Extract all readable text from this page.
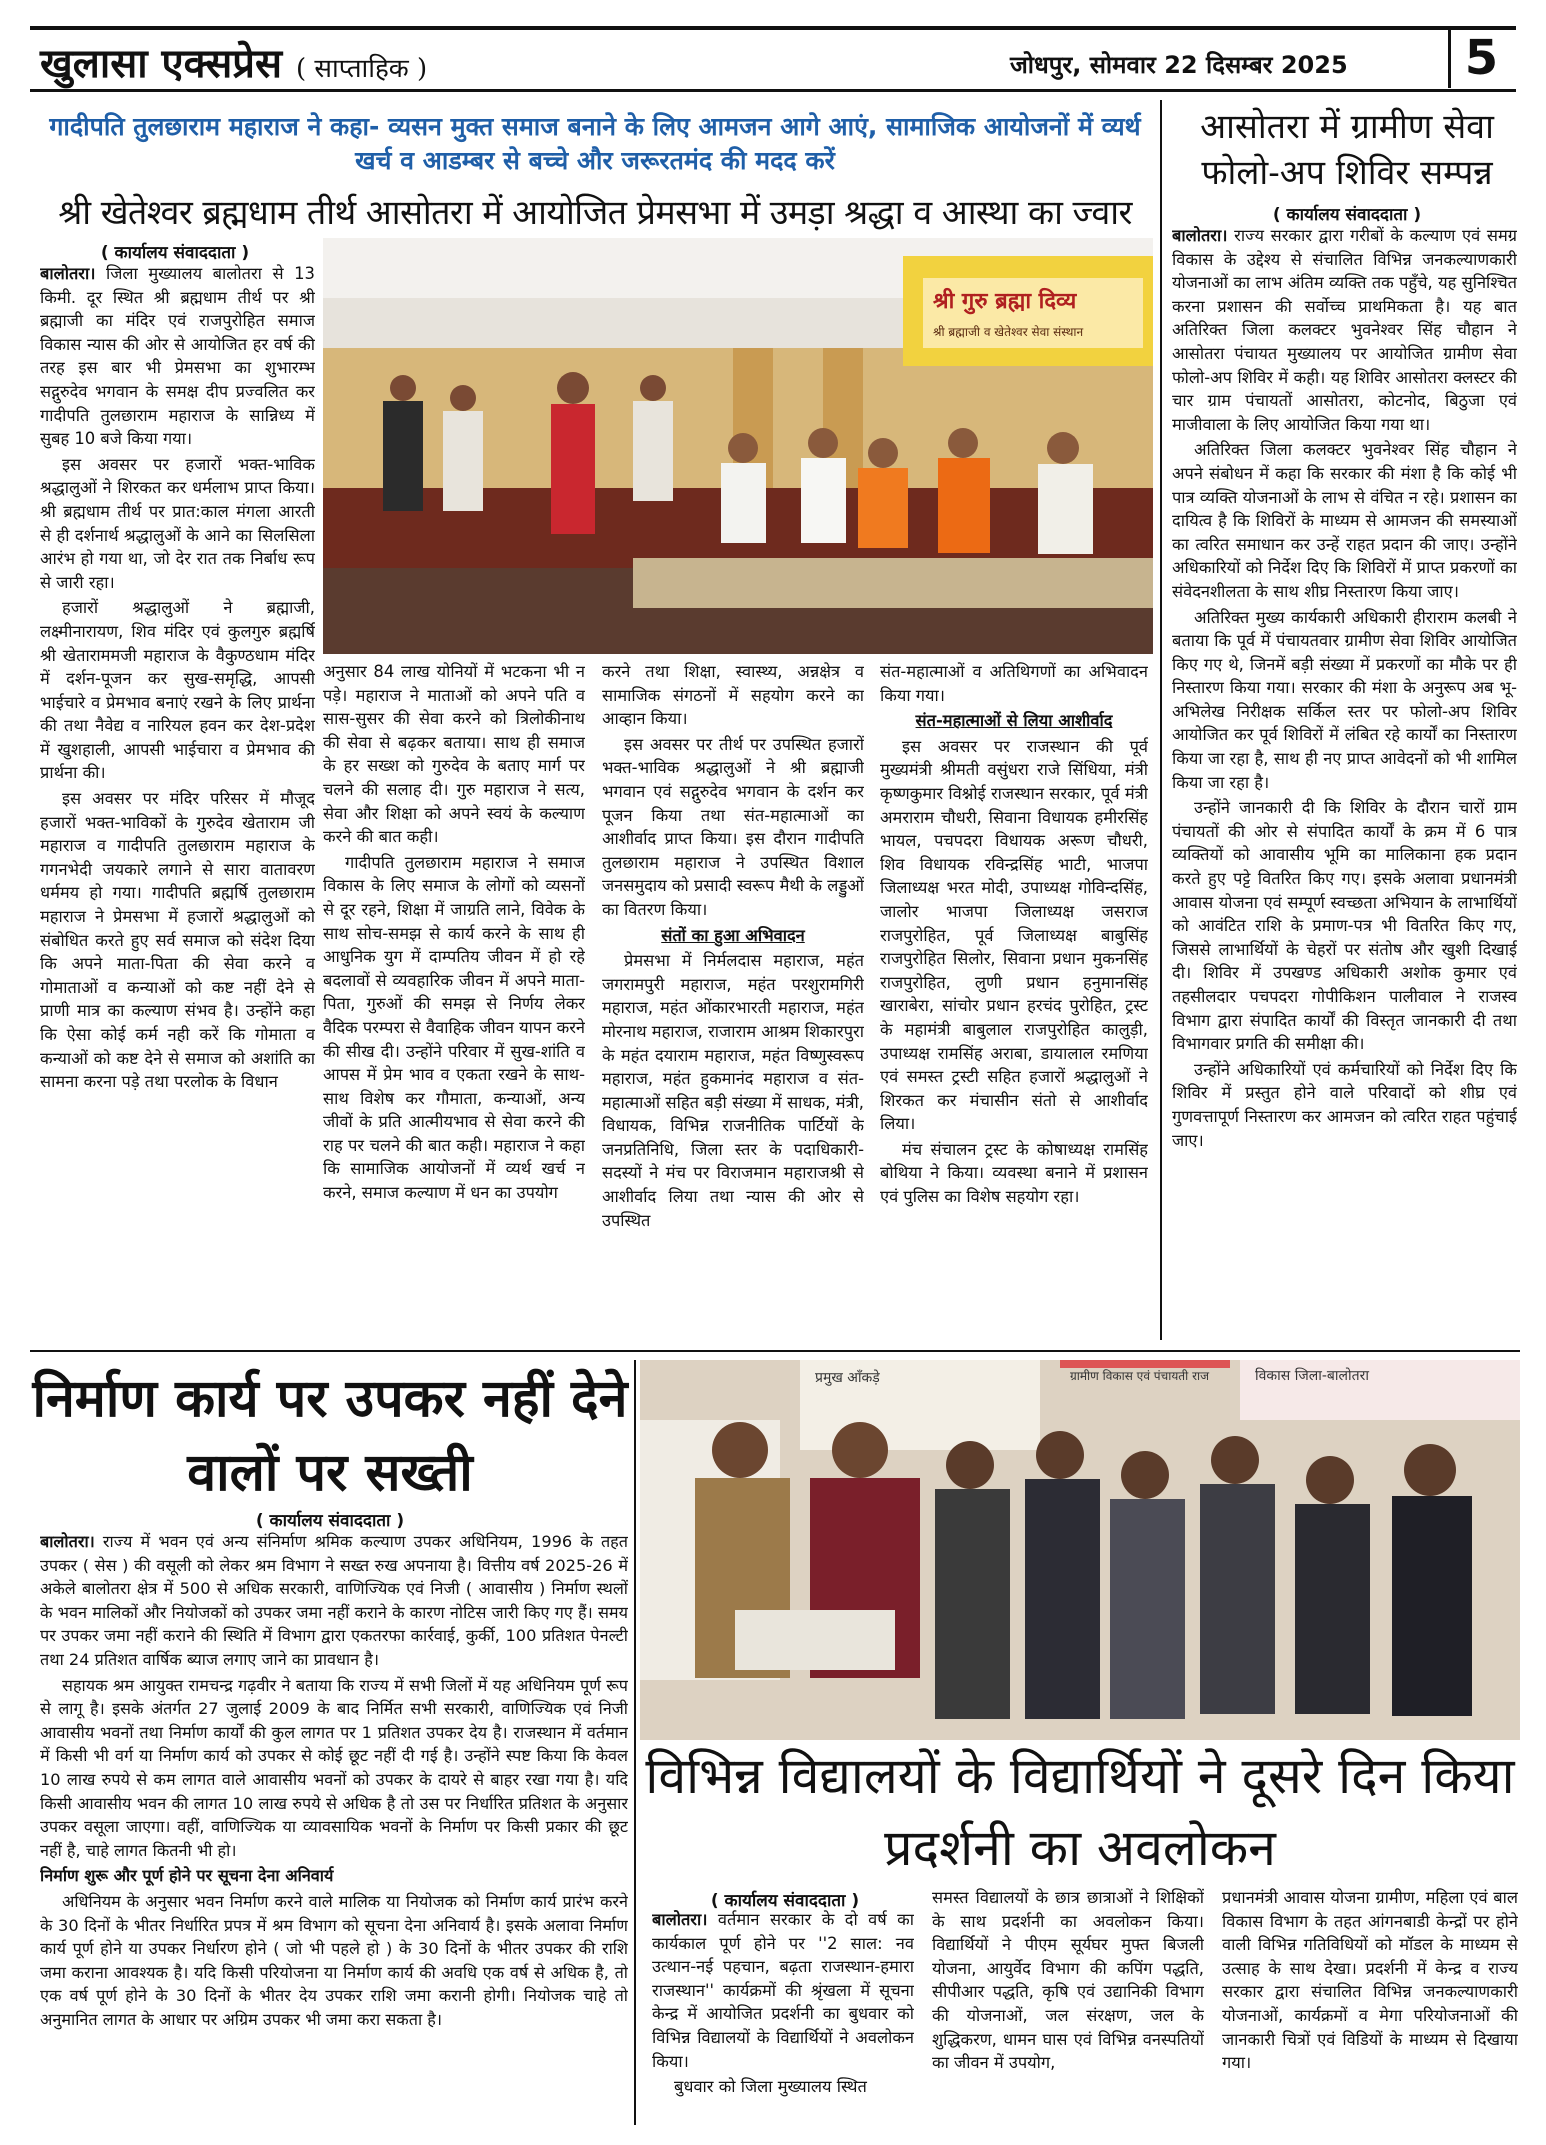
खुलासा एक्सप्रेस ( साप्ताहिक )	जोधपुर, सोमवार 22 दिसम्बर 2025	5
गादीपति तुलछाराम महाराज ने कहा- व्यसन मुक्त समाज बनाने के लिए आमजन आगे आएं, सामाजिक आयोजनों में व्यर्थ खर्च व आडम्बर से बच्चे और जरूरतमंद की मदद करें
श्री खेतेश्वर ब्रह्मधाम तीर्थ आसोतरा में आयोजित प्रेमसभा में उमड़ा श्रद्धा व आस्था का ज्वार
( कार्यालय संवाददाता )

बालोतरा। जिला मुख्यालय बालोतरा से 13 किमी. दूर स्थित श्री ब्रह्मधाम तीर्थ पर श्री ब्रह्माजी का मंदिर एवं राजपुरोहित समाज विकास न्यास की ओर से आयोजित हर वर्ष की तरह इस बार भी प्रेमसभा का शुभारम्भ सद्गुरुदेव भगवान के समक्ष दीप प्रज्वलित कर गादीपति तुलछाराम महाराज के सान्निध्य में सुबह 10 बजे किया गया।

इस अवसर पर हजारों भक्त-भाविक श्रद्धालुओं ने शिरकत कर धर्मलाभ प्राप्त किया। श्री ब्रह्मधाम तीर्थ पर प्रात:काल मंगला आरती से ही दर्शनार्थ श्रद्धालुओं के आने का सिलसिला आरंभ हो गया था, जो देर रात तक निर्बाध रूप से जारी रहा।

हजारों श्रद्धालुओं ने ब्रह्माजी, लक्ष्मीनारायण, शिव मंदिर एवं कुलगुरु ब्रह्मर्षि श्री खेताराममजी महाराज के वैकुण्ठधाम मंदिर में दर्शन-पूजन कर सुख-समृद्धि, आपसी भाईचारे व प्रेमभाव बनाएं रखने के लिए प्रार्थना की तथा नैवेद्य व नारियल हवन कर देश-प्रदेश में खुशहाली, आपसी भाईचारा व प्रेमभाव की प्रार्थना की।

इस अवसर पर मंदिर परिसर में मौजूद हजारों भक्त-भाविकों के गुरुदेव खेताराम जी महाराज व गादीपति तुलछाराम महाराज के गगनभेदी जयकारे लगाने से सारा वातावरण धर्ममय हो गया। गादीपति ब्रह्मर्षि तुलछाराम महाराज ने प्रेमसभा में हजारों श्रद्धालुओं को संबोधित करते हुए सर्व समाज को संदेश दिया कि अपने माता-पिता की सेवा करने व गोमाताओं व कन्याओं को कष्ट नहीं देने से प्राणी मात्र का कल्याण संभव है। उन्होंने कहा कि ऐसा कोई कर्म नही करें कि गोमाता व कन्याओं को कष्ट देने से समाज को अशांति का सामना करना पड़े तथा परलोक के विधान

श्री गुरु ब्रह्मा दिव्य
श्री ब्रह्माजी व खेतेश्वर सेवा संस्थान

अनुसार 84 लाख योनियों में भटकना भी न पड़े। महाराज ने माताओं को अपने पति व सास-सुसर की सेवा करने को त्रिलोकीनाथ की सेवा से बढ़कर बताया। साथ ही समाज के हर सख्श को गुरुदेव के बताए मार्ग पर चलने की सलाह दी। गुरु महाराज ने सत्य, सेवा और शिक्षा को अपने स्वयं के कल्याण करने की बात कही।

गादीपति तुलछाराम महाराज ने समाज विकास के लिए समाज के लोगों को व्यसनों से दूर रहने, शिक्षा में जाग्रति लाने, विवेक के साथ सोच-समझ से कार्य करने के साथ ही आधुनिक युग में दाम्पतिय जीवन में हो रहे बदलावों से व्यवहारिक जीवन में अपने माता-पिता, गुरुओं की समझ से निर्णय लेकर वैदिक परम्परा से वैवाहिक जीवन यापन करने की सीख दी। उन्होंने परिवार में सुख-शांति व आपस में प्रेम भाव व एकता रखने के साथ-साथ विशेष कर गौमाता, कन्याओं, अन्य जीवों के प्रति आत्मीयभाव से सेवा करने की राह पर चलने की बात कही। महाराज ने कहा कि सामाजिक आयोजनों में व्यर्थ खर्च न करने, समाज कल्याण में धन का उपयोग

करने तथा शिक्षा, स्वास्थ्य, अन्नक्षेत्र व सामाजिक संगठनों में सहयोग करने का आव्हान किया।

इस अवसर पर तीर्थ पर उपस्थित हजारों भक्त-भाविक श्रद्धालुओं ने श्री ब्रह्माजी भगवान एवं सद्गुरुदेव भगवान के दर्शन कर पूजन किया तथा संत-महात्माओं का आशीर्वाद प्राप्त किया। इस दौरान गादीपति तुलछाराम महाराज ने उपस्थित विशाल जनसमुदाय को प्रसादी स्वरूप मैथी के लड्डुओं का वितरण किया।

संतों का हुआ अभिवादन

प्रेमसभा में निर्मलदास महाराज, महंत जगरामपुरी महाराज, महंत परशुरामगिरी महाराज, महंत ओंकारभारती महाराज, महंत मोरनाथ महाराज, राजाराम आश्रम शिकारपुरा के महंत दयाराम महाराज, महंत विष्णुस्वरूप महाराज, महंत हुकमानंद महाराज व संत-महात्माओं सहित बड़ी संख्या में साधक, मंत्री, विधायक, विभिन्न राजनीतिक पार्टियों के जनप्रतिनिधि, जिला स्तर के पदाधिकारी-सदस्यों ने मंच पर विराजमान महाराजश्री से आशीर्वाद लिया तथा न्यास की ओर से उपस्थित

संत-महात्माओं व अतिथिगणों का अभिवादन किया गया।

संत-महात्माओं से लिया आशीर्वाद

इस अवसर पर राजस्थान की पूर्व मुख्यमंत्री श्रीमती वसुंधरा राजे सिंधिया, मंत्री कृष्णकुमार विश्नोई राजस्थान सरकार, पूर्व मंत्री अमराराम चौधरी, सिवाना विधायक हमीरसिंह भायल, पचपदरा विधायक अरूण चौधरी, शिव विधायक रविन्द्रसिंह भाटी, भाजपा जिलाध्यक्ष भरत मोदी, उपाध्यक्ष गोविन्दसिंह, जालोर भाजपा जिलाध्यक्ष जसराज राजपुरोहित, पूर्व जिलाध्यक्ष बाबुसिंह राजपुरोहित सिलोर, सिवाना प्रधान मुकनसिंह राजपुरोहित, लुणी प्रधान हनुमानसिंह खाराबेरा, सांचोर प्रधान हरचंद पुरोहित, ट्रस्ट के महामंत्री बाबुलाल राजपुरोहित कालुड़ी, उपाध्यक्ष रामसिंह अराबा, डायालाल रमणिया एवं समस्त ट्रस्टी सहित हजारों श्रद्धालुओं ने शिरकत कर मंचासीन संतो से आशीर्वाद लिया।

मंच संचालन ट्रस्ट के कोषाध्यक्ष रामसिंह बोथिया ने किया। व्यवस्था बनाने में प्रशासन एवं पुलिस का विशेष सहयोग रहा।

आसोतरा में ग्रामीण सेवा फोलो-अप शिविर सम्पन्न
( कार्यालय संवाददाता )

बालोतरा। राज्य सरकार द्वारा गरीबों के कल्याण एवं समग्र विकास के उद्देश्य से संचालित विभिन्न जनकल्याणकारी योजनाओं का लाभ अंतिम व्यक्ति तक पहुँचे, यह सुनिश्चित करना प्रशासन की सर्वोच्च प्राथमिकता है। यह बात अतिरिक्त जिला कलक्टर भुवनेश्वर सिंह चौहान ने आसोतरा पंचायत मुख्यालय पर आयोजित ग्रामीण सेवा फोलो-अप शिविर में कही। यह शिविर आसोतरा क्लस्टर की चार ग्राम पंचायतों आसोतरा, कोटनोद, बिठुजा एवं माजीवाला के लिए आयोजित किया गया था।

अतिरिक्त जिला कलक्टर भुवनेश्वर सिंह चौहान ने अपने संबोधन में कहा कि सरकार की मंशा है कि कोई भी पात्र व्यक्ति योजनाओं के लाभ से वंचित न रहे। प्रशासन का दायित्व है कि शिविरों के माध्यम से आमजन की समस्याओं का त्वरित समाधान कर उन्हें राहत प्रदान की जाए। उन्होंने अधिकारियों को निर्देश दिए कि शिविरों में प्राप्त प्रकरणों का संवेदनशीलता के साथ शीघ्र निस्तारण किया जाए।

अतिरिक्त मुख्य कार्यकारी अधिकारी हीराराम कलबी ने बताया कि पूर्व में पंचायतवार ग्रामीण सेवा शिविर आयोजित किए गए थे, जिनमें बड़ी संख्या में प्रकरणों का मौके पर ही निस्तारण किया गया। सरकार की मंशा के अनुरूप अब भू-अभिलेख निरीक्षक सर्किल स्तर पर फोलो-अप शिविर आयोजित कर पूर्व शिविरों में लंबित रहे कार्यों का निस्तारण किया जा रहा है, साथ ही नए प्राप्त आवेदनों को भी शामिल किया जा रहा है।

उन्होंने जानकारी दी कि शिविर के दौरान चारों ग्राम पंचायतों की ओर से संपादित कार्यों के क्रम में 6 पात्र व्यक्तियों को आवासीय भूमि का मालिकाना हक प्रदान करते हुए पट्टे वितरित किए गए। इसके अलावा प्रधानमंत्री आवास योजना एवं सम्पूर्ण स्वच्छता अभियान के लाभार्थियों को आवंटित राशि के प्रमाण-पत्र भी वितरित किए गए, जिससे लाभार्थियों के चेहरों पर संतोष और खुशी दिखाई दी। शिविर में उपखण्ड अधिकारी अशोक कुमार एवं तहसीलदार पचपदरा गोपीकिशन पालीवाल ने राजस्व विभाग द्वारा संपादित कार्यों की विस्तृत जानकारी दी तथा विभागवार प्रगति की समीक्षा की।

उन्होंने अधिकारियों एवं कर्मचारियों को निर्देश दिए कि शिविर में प्रस्तुत होने वाले परिवादों को शीघ्र एवं गुणवत्तापूर्ण निस्तारण कर आमजन को त्वरित राहत पहुंचाई जाए।

निर्माण कार्य पर उपकर नहीं देने वालों पर सख्ती
( कार्यालय संवाददाता )

बालोतरा। राज्य में भवन एवं अन्य संनिर्माण श्रमिक कल्याण उपकर अधिनियम, 1996 के तहत उपकर ( सेस ) की वसूली को लेकर श्रम विभाग ने सख्त रुख अपनाया है। वित्तीय वर्ष 2025-26 में अकेले बालोतरा क्षेत्र में 500 से अधिक सरकारी, वाणिज्यिक एवं निजी ( आवासीय ) निर्माण स्थलों के भवन मालिकों और नियोजकों को उपकर जमा नहीं कराने के कारण नोटिस जारी किए गए हैं। समय पर उपकर जमा नहीं कराने की स्थिति में विभाग द्वारा एकतरफा कार्रवाई, कुर्की, 100 प्रतिशत पेनल्टी तथा 24 प्रतिशत वार्षिक ब्याज लगाए जाने का प्रावधान है।

सहायक श्रम आयुक्त रामचन्द्र गढ़वीर ने बताया कि राज्य में सभी जिलों में यह अधिनियम पूर्ण रूप से लागू है। इसके अंतर्गत 27 जुलाई 2009 के बाद निर्मित सभी सरकारी, वाणिज्यिक एवं निजी आवासीय भवनों तथा निर्माण कार्यों की कुल लागत पर 1 प्रतिशत उपकर देय है। राजस्थान में वर्तमान में किसी भी वर्ग या निर्माण कार्य को उपकर से कोई छूट नहीं दी गई है। उन्होंने स्पष्ट किया कि केवल 10 लाख रुपये से कम लागत वाले आवासीय भवनों को उपकर के दायरे से बाहर रखा गया है। यदि किसी आवासीय भवन की लागत 10 लाख रुपये से अधिक है तो उस पर निर्धारित प्रतिशत के अनुसार उपकर वसूला जाएगा। वहीं, वाणिज्यिक या व्यावसायिक भवनों के निर्माण पर किसी प्रकार की छूट नहीं है, चाहे लागत कितनी भी हो।

निर्माण शुरू और पूर्ण होने पर सूचना देना अनिवार्य

अधिनियम के अनुसार भवन निर्माण करने वाले मालिक या नियोजक को निर्माण कार्य प्रारंभ करने के 30 दिनों के भीतर निर्धारित प्रपत्र में श्रम विभाग को सूचना देना अनिवार्य है। इसके अलावा निर्माण कार्य पूर्ण होने या उपकर निर्धारण होने ( जो भी पहले हो ) के 30 दिनों के भीतर उपकर की राशि जमा कराना आवश्यक है। यदि किसी परियोजना या निर्माण कार्य की अवधि एक वर्ष से अधिक है, तो एक वर्ष पूर्ण होने के 30 दिनों के भीतर देय उपकर राशि जमा करानी होगी। नियोजक चाहे तो अनुमानित लागत के आधार पर अग्रिम उपकर भी जमा करा सकता है।

प्रमुख आँकड़े	विकास जिला-बालोतरा
ग्रामीण विकास एवं पंचायती राज
विभिन्न विद्यालयों के विद्यार्थियों ने दूसरे दिन किया प्रदर्शनी का अवलोकन
( कार्यालय संवाददाता )

बालोतरा। वर्तमान सरकार के दो वर्ष का कार्यकाल पूर्ण होने पर ''2 साल: नव उत्थान-नई पहचान, बढ़ता राजस्थान-हमारा राजस्थान'' कार्यक्रमों की श्रृंखला में सूचना केन्द्र में आयोजित प्रदर्शनी का बुधवार को विभिन्न विद्यालयों के विद्यार्थियों ने अवलोकन किया।

बुधवार को जिला मुख्यालय स्थित

समस्त विद्यालयों के छात्र छात्राओं ने शिक्षिकों के साथ प्रदर्शनी का अवलोकन किया। विद्यार्थियों ने पीएम सूर्यघर मुफ्त बिजली योजना, आयुर्वेद विभाग की कपिंग पद्धति, सीपीआर पद्धति, कृषि एवं उद्यानिकी विभाग की योजनाओं, जल संरक्षण, जल के शुद्धिकरण, धामन घास एवं विभिन्न वनस्पतियों का जीवन में उपयोग,

प्रधानमंत्री आवास योजना ग्रामीण, महिला एवं बाल विकास विभाग के तहत आंगनबाडी केन्द्रों पर होने वाली विभिन्न गतिविधियों को मॉडल के माध्यम से उत्साह के साथ देखा। प्रदर्शनी में केन्द्र व राज्य सरकार द्वारा संचालित विभिन्न जनकल्याणकारी योजनाओं, कार्यक्रमों व मेगा परियोजनाओं की जानकारी चित्रों एवं विडियों के माध्यम से दिखाया गया।
